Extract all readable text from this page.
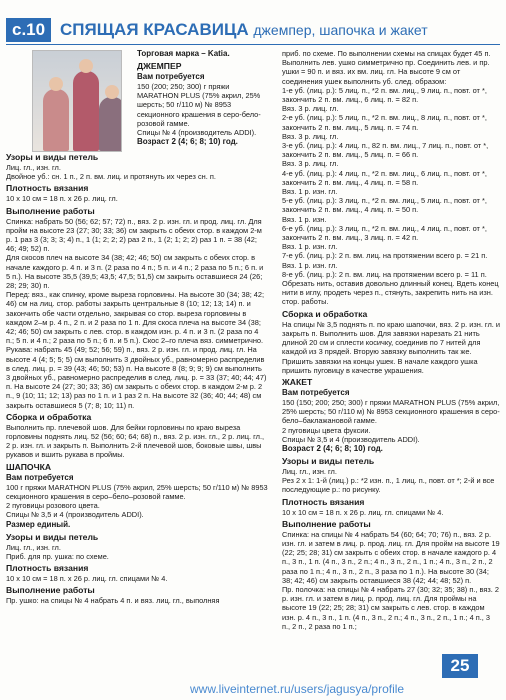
с.10 СПЯЩАЯ КРАСАВИЦА джемпер, шапочка и жакет

Торговая марка – Katia.

ДЖЕМПЕР

Вам потребуется

150 (200; 250; 300) г пряжи MARATHON PLUS (75% акрил, 25% шерсть; 50 г/110 м) № 8953 секционного крашения в серо-бело-розовой гамме.

Спицы № 4 (производитель ADDI).

Возраст 2 (4; 6; 8; 10) год.

Узоры и виды петель

Лиц. гл., изн. гл.

Двойное уб.: сн. 1 п., 2 п. вм. лиц. и протянуть их через сн. п.

Плотность вязания

10 x 10 см = 18 п. x 26 р. лиц. гл.

Выполнение работы

Спинка: набрать 50 (56; 62; 57; 72) п., вяз. 2 р. изн. гл. и прод. лиц. гл. Для пройм на высоте 23 (27; 30; 33; 36) см закрыть с обеих стор. в каждом 2-м р. 1 раз 3 (3; 3; 3; 4) п., 1 (1; 2; 2; 2) раз 2 п., 1 (2; 1; 2; 2) раз 1 п. = 38 (42; 46; 49; 52) п.

Для скосов плеч на высоте 34 (38; 42; 46; 50) см закрыть с обеих стор. в начале каждого р. 4 п. и 3 п. (2 раза по 4 п.; 5 п. и 4 п.; 2 раза по 5 п.; 6 п. и 5 п.). На высоте 35,5 (39,5; 43,5; 47,5; 51,5) см закрыть оставшиеся 24 (26; 28; 29; 30) п.

Перед: вяз., как спинку, кроме выреза горловины. На высоте 30 (34; 38; 42; 46) см на лиц. стор. работы закрыть центральные 8 (10; 12; 13; 14) п. и закончить обе части отдельно, закрывая со стор. выреза горловины в каждом 2–м р. 4 п., 2 п. и 2 раза по 1 п. Для скоса плеча на высоте 34 (38; 42; 46; 50) см закрыть с лев. стор. в каждом изн. р. 4 п. и 3 п. (2 раза по 4 п.; 5 п. и 4 п.; 2 раза по 5 п.; 6 п. и 5 п.). Скос 2–го плеча вяз. симметрично.

Рукава: набрать 45 (49; 52; 56; 59) п., вяз. 2 р. изн. гл. и прод. лиц. гл. На высоте 4 (4; 5; 5; 5) см выполнить 3 двойных уб., равномерно распределив в след. лиц. р. = 39 (43; 46; 50; 53) п. На высоте 8 (8; 9; 9; 9) см выполнить 3 двойных уб., равномерно распределив в след. лиц. р. = 33 (37; 40; 44; 47) п. На высоте 24 (27; 30; 33; 36) см закрыть с обеих стор. в каждом 2-м р. 2 п., 9 (10; 11; 12; 13) раз по 1 п. и 1 раз 2 п. На высоте 32 (36; 40; 44; 48) см закрыть оставшиеся 5 (7; 8; 10; 11) п.

Сборка и обработка

Выполнить пр. плечевой шов. Для бейки горловины по краю выреза горловины поднять лиц. 52 (56; 60; 64; 68) п., вяз. 2 р. изн. гл., 2 р. лиц. гл., 2 р. изн. гл. и закрыть п. Выполнить 2-й плечевой шов, боковые швы, швы рукавов и вшить рукава в проймы.

ШАПОЧКА

Вам потребуется

100 г пряжи MARATHON PLUS (75% акрил, 25% шерсть; 50 г/110 м) № 8953 секционного крашения в серо–бело–розовой гамме.

2 пуговицы розового цвета.

Спицы № 3,5 и 4 (производитель ADDI).

Размер единый.

Узоры и виды петель

Лиц. гл., изн. гл.

Приб. для пр. ушка: по схеме.

Плотность вязания

10 x 10 см = 18 п. x 26 р. лиц. гл. спицами № 4.

Выполнение работы

Пр. ушко: на спицы № 4 набрать 4 п. и вяз. лиц. гл., выполняя

приб. по схеме. По выполнении схемы на спицах будет 45 п.

Выполнить лев. ушко симметрично пр. Соединить лев. и пр. ушки = 90 п. и вяз. их вм. лиц. гл. На высоте 9 см от соединения ушек выполнить уб. след. образом:

1-е уб. (лиц. р.): 5 лиц. п., *2 п. вм. лиц., 9 лиц. п., повт. от *, закончить 2 п. вм. лиц., 6 лиц. п. = 82 п.

Вяз. 3 р. лиц. гл.

2-е уб. (лиц. р.): 5 лиц. п., *2 п. вм. лиц., 8 лиц. п., повт. от *, закончить 2 п. вм. лиц., 5 лиц. п. = 74 п.

Вяз. 3 р. лиц. гл.

3-е уб. (лиц. р.): 4 лиц. п., 82 п. вм. лиц., 7 лиц. п., повт. от *, закончить 2 п. вм. лиц., 5 лиц. п. = 66 п.

Вяз. 3 р. лиц. гл.

4-е уб. (лиц. р.): 4 лиц. п., *2 п. вм. лиц., 6 лиц. п., повт. от *, закончить 2 п. вм. лиц., 4 лиц. п. = 58 п.

Вяз. 1 р. изн. гл.

5-е уб. (лиц. р.): 3 лиц. п., *2 п. вм. лиц., 5 лиц. п., повт. от *, закончить 2 п. вм. лиц., 4 лиц. п. = 50 п.

Вяз. 1 р. изн.

6-е уб. (лиц. р.): 3 лиц. п., *2 п. вм. лиц., 4 лиц. п., повт. от *, закончить 2 п. вм. лиц., 3 лиц. п. = 42 п.

Вяз. 1 р. изн. гл.

7-е уб. (лиц. р.): 2 п. вм. лиц. на протяжении всего р. = 21 п.

Вяз. 1 р. изн. гл.

8-е уб. (лиц. р.): 2 п. вм. лиц. на протяжении всего р. = 11 п.

Обрезать нить, оставив довольно длинный конец. Вдеть конец нити в иглу, продеть через п., стянуть, закрепить нить на изн. стор. работы.

Сборка и обработка

На спицы № 3,5 поднять п. по краю шапочки, вяз. 2 р. изн. гл. и закрыть п. Выполнить шов. Для завязки нарезать 21 нить длиной 20 см и сплести косичку, соединив по 7 нитей для каждой из 3 прядей. Вторую завязку выполнить так же. Пришить завязки на концы ушек. В начале каждого ушка пришить пуговицу в качестве украшения.

ЖАКЕТ

Вам потребуется

150 (150; 200; 250; 300) г пряжи MARATHON PLUS (75% акрил, 25% шерсть; 50 г/110 м) № 8953 секционного крашения в серо-бело–баклажановой гамме.

2 пуговицы цвета фуксии.

Спицы № 3,5 и 4 (производитель ADDI).

Возраст 2 (4; 6; 8; 10) год.

Узоры и виды петель

Лиц. гл., изн. гл.

Рез 2 x 1: 1-й (лиц.) р.: *2 изн. п., 1 лиц. п., повт. от *; 2-й и все последующие р.: по рисунку.

Плотность вязания

10 x 10 см = 18 п. x 26 р. лиц. гл. спицами № 4.

Выполнение работы

Спинка: на спицы № 4 набрать 54 (60; 64; 70; 76) п., вяз. 2 р. изн. гл. и затем в лиц. р. прод. лиц. гл. Для пройм на высоте 19 (22; 25; 28; 31) см закрыть с обеих стор. в начале каждого р. 4 п., 3 п., 1 п. (4 п., 3 п., 2 п.; 4 п., 3 п., 2 п., 1 п.; 4 п., 3 п., 2 п., 2 раза по 1 п.; 4 п., 3 п., 2 п., 3 раза по 1 п.). На высоте 30 (34; 38; 42; 46) см закрыть оставшиеся 38 (42; 44; 48; 52) п.

Пр. полочка: на спицы № 4 набрать 27 (30; 32; 35; 38) п., вяз. 2 р. изн. гл. и затем в лиц. р. прод. лиц. гл. Для проймы на высоте 19 (22; 25; 28; 31) см закрыть с лев. стор. в каждом изн. р. 4 п., 3 п., 1 п. (4 п., 3 п., 2 п.; 4 п., 3 п., 2 п., 1 п.; 4 п., 3 п., 2 п., 2 раза по 1 п.;

25
www.liveinternet.ru/users/jagusya/profile
